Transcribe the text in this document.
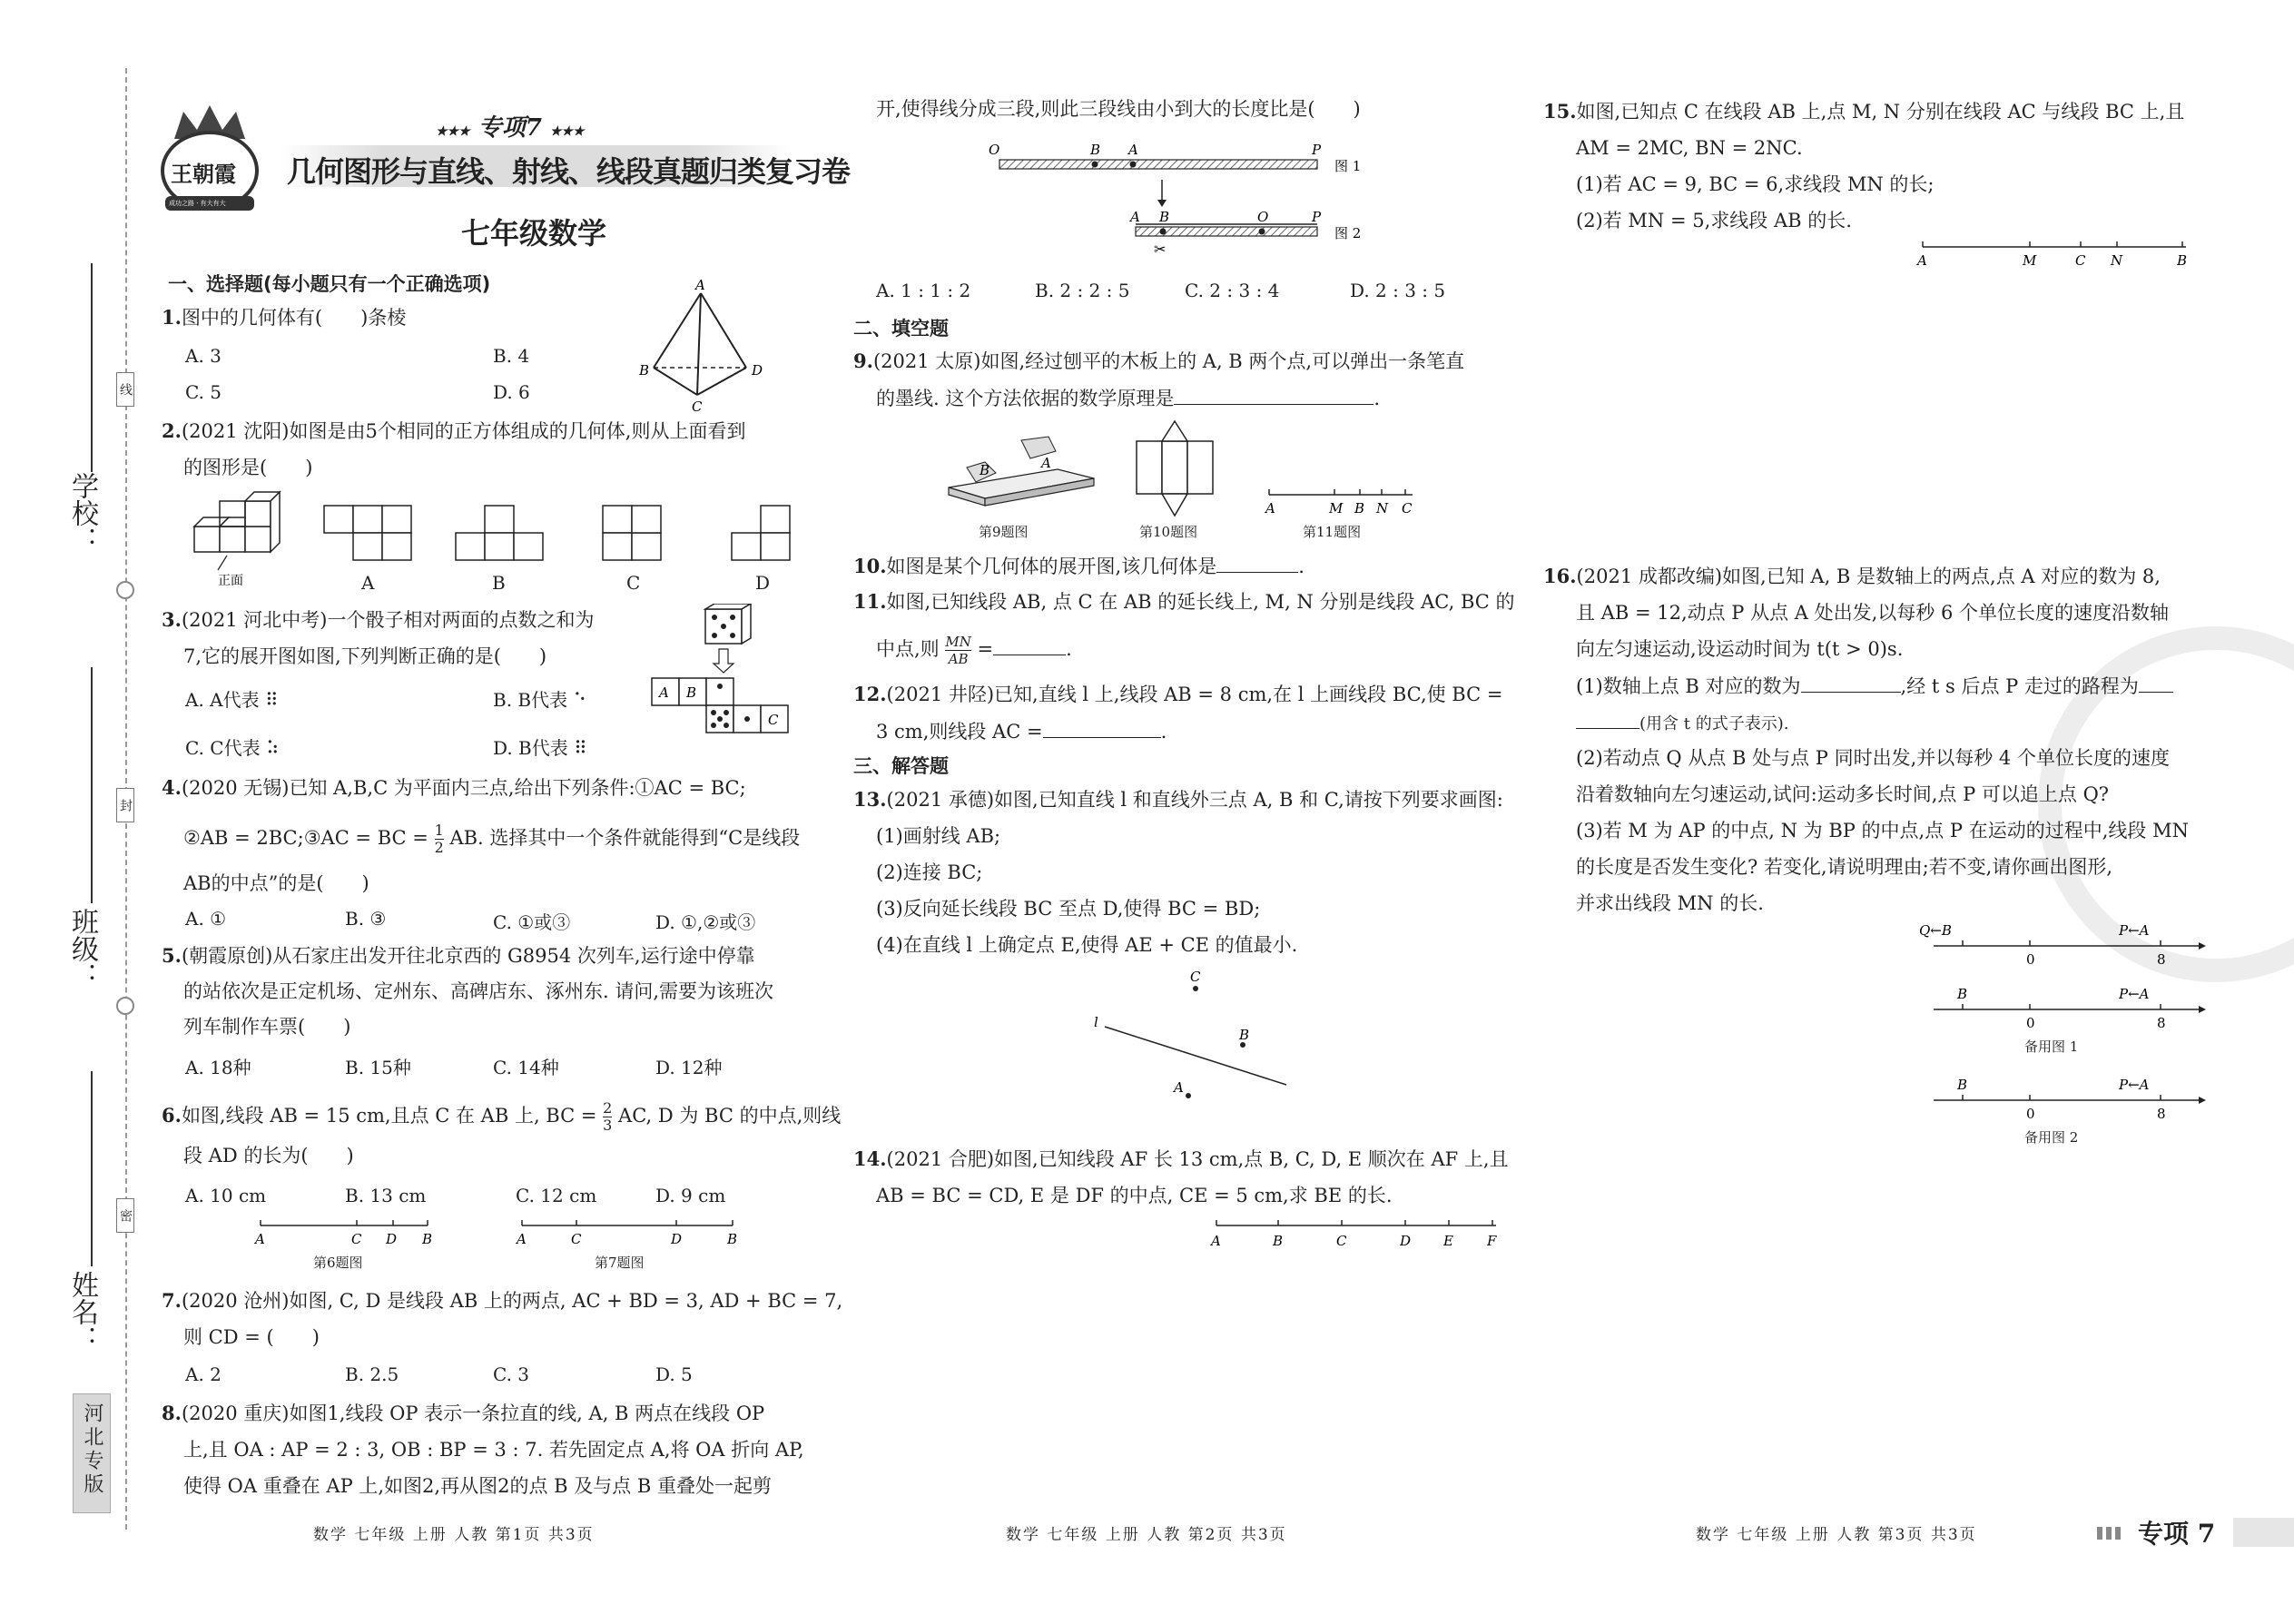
学校：
班级：
姓名：
线
封
密
河北专版
王朝霞
成功之路 · 有大有大
★★★ 专项7 ★★★
几何图形与直线、射线、线段真题归类复习卷
七年级数学
一、选择题(每小题只有一个正确选项)
1.图中的几何体有(　　)条棱
A. 3	B. 4
C. 5	D. 6
A
B
C
D
2.(2021 沈阳)如图是由5个相同的正方体组成的几何体,则从上面看到
的图形是(　　)
正面	A	B	C	D
3.(2021 河北中考)一个骰子相对两面的点数之和为
7,它的展开图如图,下列判断正确的是(　　)
A. A代表 ⠿	B. B代表 ⠑
C. C代表 ⠵	D. B代表 ⠿
A B
C
4.(2020 无锡)已知 A,B,C 为平面内三点,给出下列条件:①AC = BC;
②AB = 2BC;③AC = BC = $\frac{1}{2}$ AB. 选择其中一个条件就能得到“C是线段
AB的中点”的是(　　)
A. ①	B. ③	C. ①或③	D. ①,②或③
5.(朝霞原创)从石家庄出发开往北京西的 G8954 次列车,运行途中停靠
的站依次是正定机场、定州东、高碑店东、涿州东. 请问,需要为该班次
列车制作车票(　　)
A. 18种	B. 15种	C. 14种	D. 12种
6.如图,线段 AB = 15 cm,且点 C 在 AB 上, BC = $\frac{2}{3}$ AC, D 为 BC 的中点,则线
段 AD 的长为(　　)
A. 10 cm	B. 13 cm	C. 12 cm	D. 9 cm
A	C D B
第6题图
A	C	D	B
第7题图
7.(2020 沧州)如图, C, D 是线段 AB 上的两点, AC + BD = 3, AD + BC = 7,
则 CD = (　　)
A. 2	B. 2.5	C. 3	D. 5
8.(2020 重庆)如图1,线段 OP 表示一条拉直的线, A, B 两点在线段 OP
上,且 OA : AP = 2 : 3, OB : BP = 3 : 7. 若先固定点 A,将 OA 折向 AP,
使得 OA 重叠在 AP 上,如图2,再从图2的点 B 及与点 B 重叠处一起剪
数学 七年级 上册 人教 第1页 共3页
开,使得线分成三段,则此三段线由小到大的长度比是(　　)
O	B A	P
图 1
A B	O	P
图 2
✂
A. 1 : 1 : 2	B. 2 : 2 : 5	C. 2 : 3 : 4	D. 2 : 3 : 5
二、填空题
9.(2021 太原)如图,经过刨平的木板上的 A, B 两个点,可以弹出一条笔直
的墨线. 这个方法依据的数学原理是	.
B	A
第9题图	第10题图
A	M B N C
第11题图
10.如图是某个几何体的展开图,该几何体是	.
11.如图,已知线段 AB, 点 C 在 AB 的延长线上, M, N 分别是线段 AC, BC 的
中点,则 $\frac{MN}{AB}$ =	.
12.(2021 井陉)已知,直线 l 上,线段 AB = 8 cm,在 l 上画线段 BC,使 BC =
3 cm,则线段 AC =	.
三、解答题
13.(2021 承德)如图,已知直线 l 和直线外三点 A, B 和 C,请按下列要求画图:
(1)画射线 AB;
(2)连接 BC;
(3)反向延长线段 BC 至点 D,使得 BC = BD;
(4)在直线 l 上确定点 E,使得 AE + CE 的值最小.
l
C
B
A
14.(2021 合肥)如图,已知线段 AF 长 13 cm,点 B, C, D, E 顺次在 AF 上,且
AB = BC = CD, E 是 DF 的中点, CE = 5 cm,求 BE 的长.
A	B	C	D E F
数学 七年级 上册 人教 第2页 共3页
15.如图,已知点 C 在线段 AB 上,点 M, N 分别在线段 AC 与线段 BC 上,且
AM = 2MC, BN = 2NC.
(1)若 AC = 9, BC = 6,求线段 MN 的长;
(2)若 MN = 5,求线段 AB 的长.
A	M	C N	B
16.(2021 成都改编)如图,已知 A, B 是数轴上的两点,点 A 对应的数为 8,
且 AB = 12,动点 P 从点 A 处出发,以每秒 6 个单位长度的速度沿数轴
向左匀速运动,设运动时间为 t(t > 0)s.
(1)数轴上点 B 对应的数为	,经 t s 后点 P 走过的路程为
(用含 t 的式子表示).
(2)若动点 Q 从点 B 处与点 P 同时出发,并以每秒 4 个单位长度的速度
沿着数轴向左匀速运动,试问:运动多长时间,点 P 可以追上点 Q?
(3)若 M 为 AP 的中点, N 为 BP 的中点,点 P 在运动的过程中,线段 MN
的长度是否发生变化? 若变化,请说明理由;若不变,请你画出图形,
并求出线段 MN 的长.
Q←B	P←A
0	8
B	P←A
0	8
备用图 1
B	P←A
0	8
备用图 2
数学 七年级 上册 人教 第3页 共3页	专项 7
